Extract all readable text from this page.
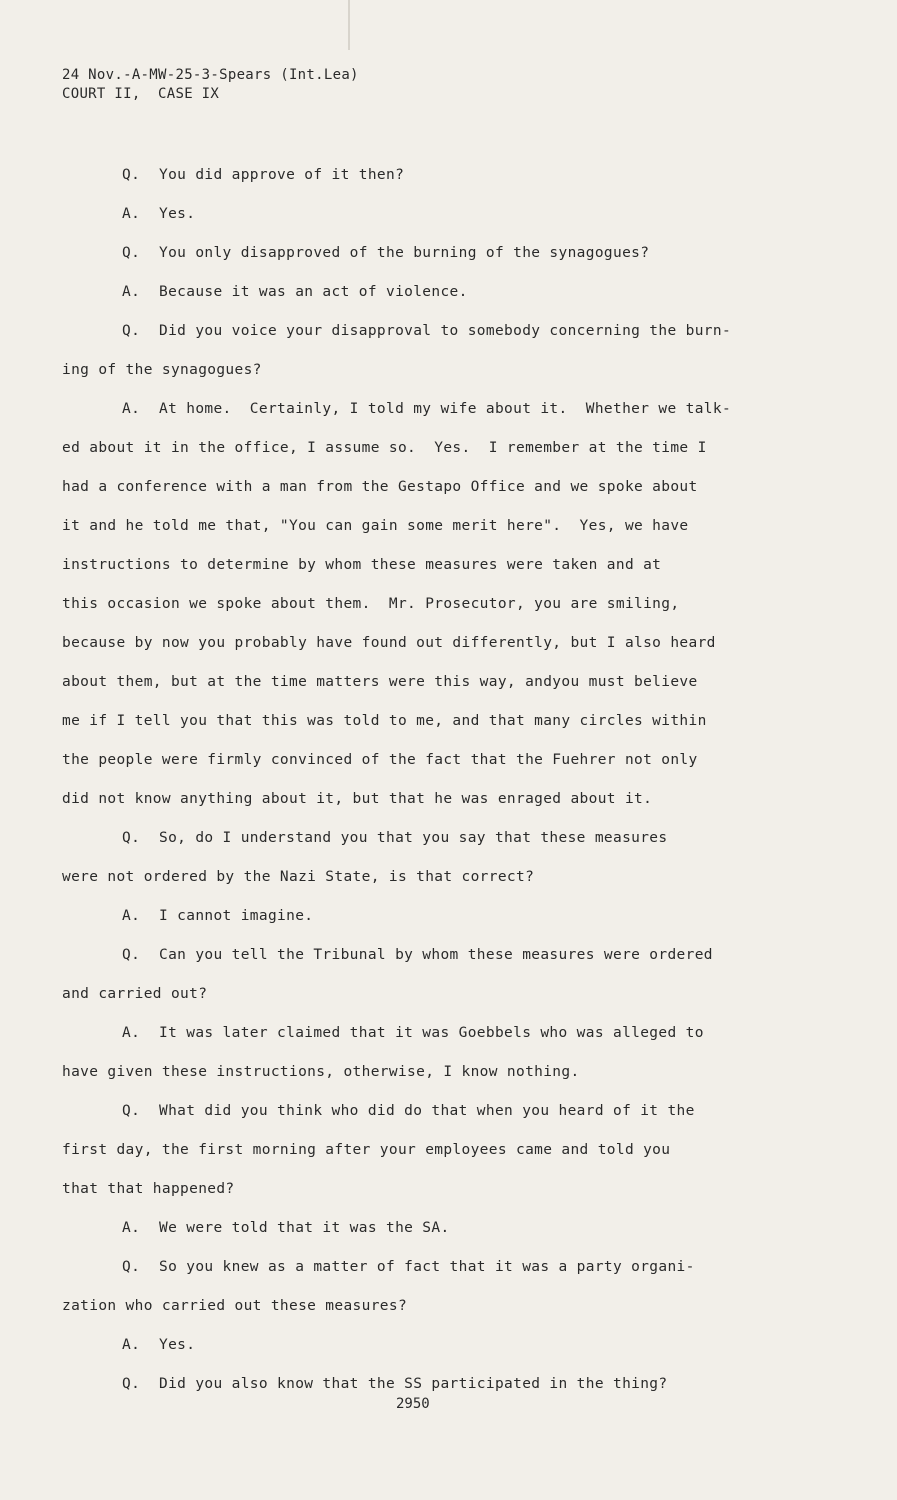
24 Nov.-A-MW-25-3-Spears (Int.Lea)
COURT II,  CASE IX
Q. You did approve of it then?
A. Yes.
Q. You only disapproved of the burning of the synagogues?
A. Because it was an act of violence.
Q. Did you voice your disapproval to somebody concerning the burn-
ing of the synagogues?
A. At home.  Certainly, I told my wife about it.  Whether we talk-
ed about it in the office, I assume so.  Yes.  I remember at the time I
had a conference with a man from the Gestapo Office and we spoke about
it and he told me that, "You can gain some merit here".  Yes, we have
instructions to determine by whom these measures were taken and at
this occasion we spoke about them.  Mr. Prosecutor, you are smiling,
because by now you probably have found out differently, but I also heard
about them, but at the time matters were this way, andyou must believe
me if I tell you that this was told to me, and that many circles within
the people were firmly convinced of the fact that the Fuehrer not only
did not know anything about it, but that he was enraged about it.
Q. So, do I understand you that you say that these measures
were not ordered by the Nazi State, is that correct?
A. I cannot imagine.
Q. Can you tell the Tribunal by whom these measures were ordered
and carried out?
A. It was later claimed that it was Goebbels who was alleged to
have given these instructions, otherwise, I know nothing.
Q. What did you think who did do that when you heard of it the
first day, the first morning after your employees came and told you
that that happened?
A. We were told that it was the SA.
Q. So you knew as a matter of fact that it was a party organi-
zation who carried out these measures?
A. Yes.
Q. Did you also know that the SS participated in the thing?
2950
